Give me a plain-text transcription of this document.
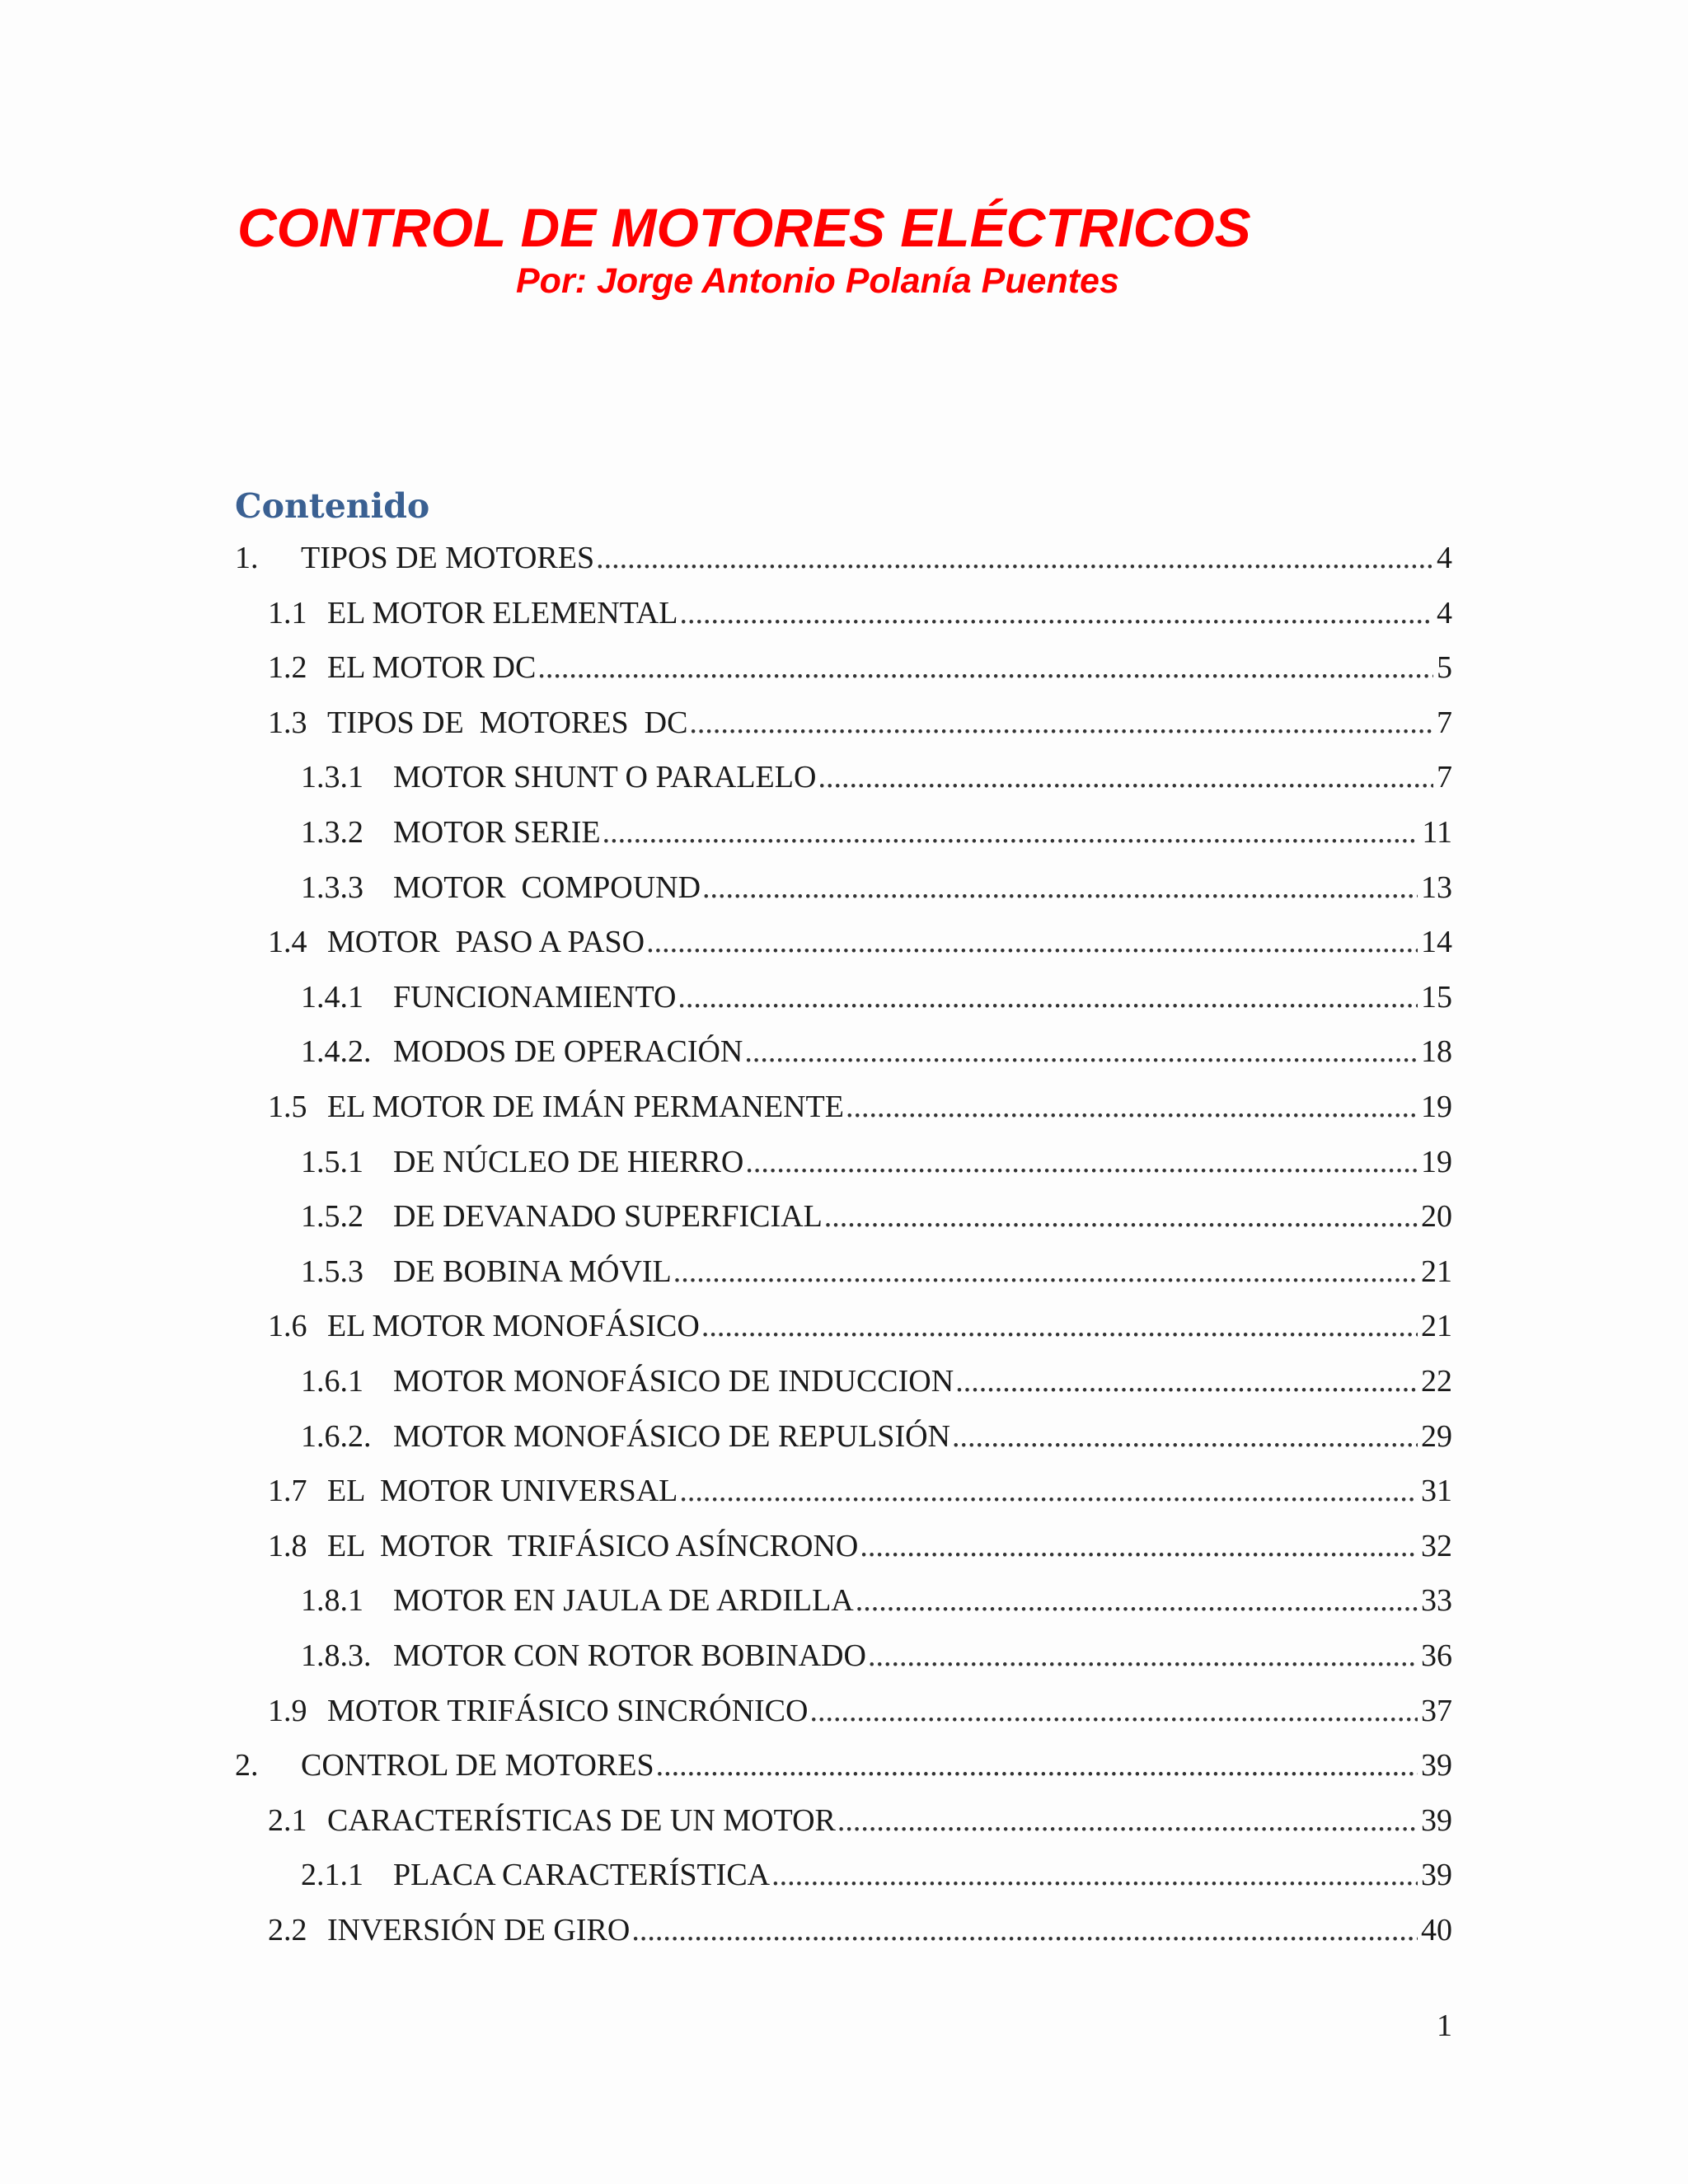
CONTROL DE MOTORES ELÉCTRICOS

Por: Jorge Antonio Polanía Puentes

Contenido
1.	TIPOS DE MOTORES .....	4
1.1 EL MOTOR ELEMENTAL .....	4
1.2 EL MOTOR DC .....	5
1.3 TIPOS DE  MOTORES  DC .....	7
1.3.1 MOTOR SHUNT O PARALELO .....	7
1.3.2 MOTOR SERIE .....	11
1.3.3 MOTOR  COMPOUND .....	13
1.4 MOTOR  PASO A PASO .....	14
1.4.1 FUNCIONAMIENTO .....	15
1.4.2. MODOS DE OPERACIÓN .....	18
1.5 EL MOTOR DE IMÁN PERMANENTE .....	19
1.5.1 DE NÚCLEO DE HIERRO .....	19
1.5.2 DE DEVANADO SUPERFICIAL .....	20
1.5.3 DE BOBINA MÓVIL .....	21
1.6 EL MOTOR MONOFÁSICO .....	21
1.6.1 MOTOR MONOFÁSICO DE INDUCCION .....	22
1.6.2. MOTOR MONOFÁSICO DE REPULSIÓN .....	29
1.7 EL  MOTOR UNIVERSAL .....	31
1.8 EL  MOTOR  TRIFÁSICO ASÍNCRONO .....	32
1.8.1 MOTOR EN JAULA DE ARDILLA .....	33
1.8.3. MOTOR CON ROTOR BOBINADO .....	36
1.9 MOTOR TRIFÁSICO SINCRÓNICO .....	37
2.	CONTROL DE MOTORES .....	39
2.1 CARACTERÍSTICAS DE UN MOTOR .....	39
2.1.1 PLACA CARACTERÍSTICA .....	39
2.2 INVERSIÓN DE GIRO .....	40

1
